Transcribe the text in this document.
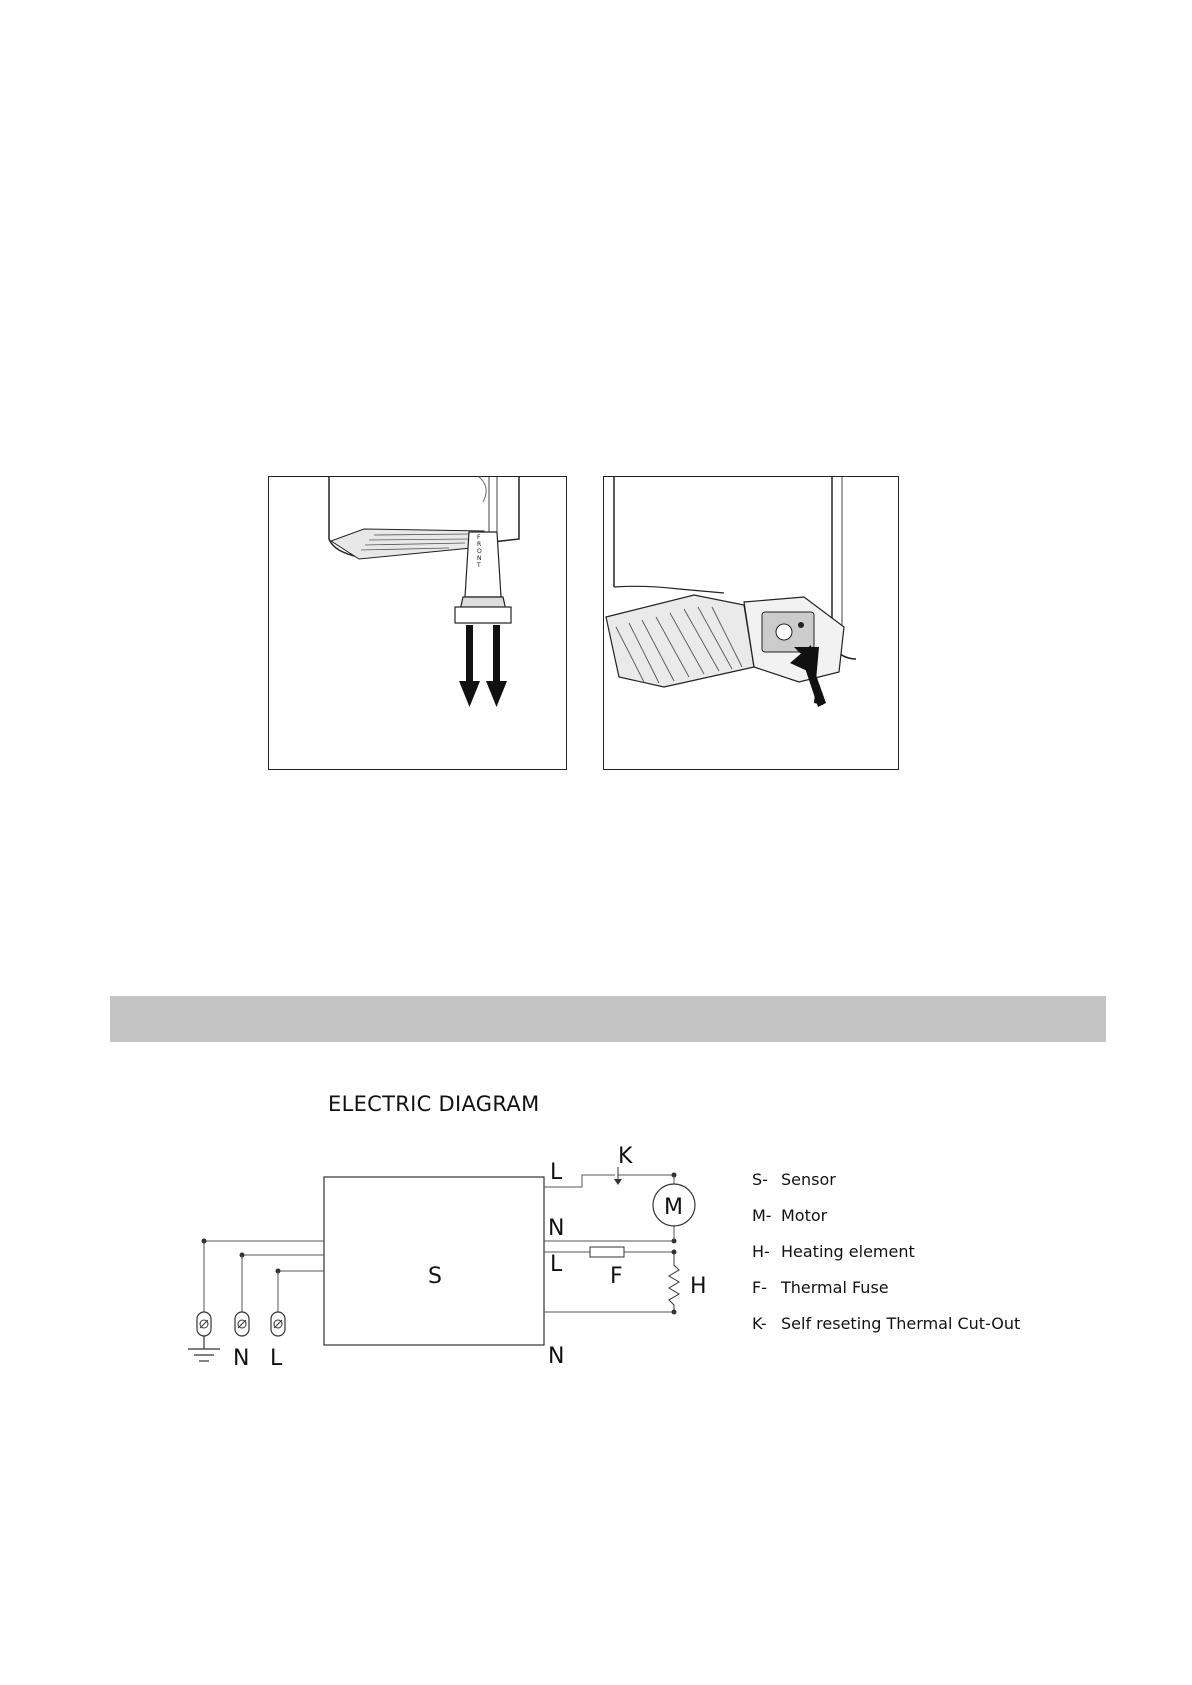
F R O N T
ELECTRIC DIAGRAM
S
N L
M
L
K
N
L F	H
N
S- Sensor
M- Motor
H- Heating element
F- Thermal Fuse
K- Self reseting Thermal Cut-Out
